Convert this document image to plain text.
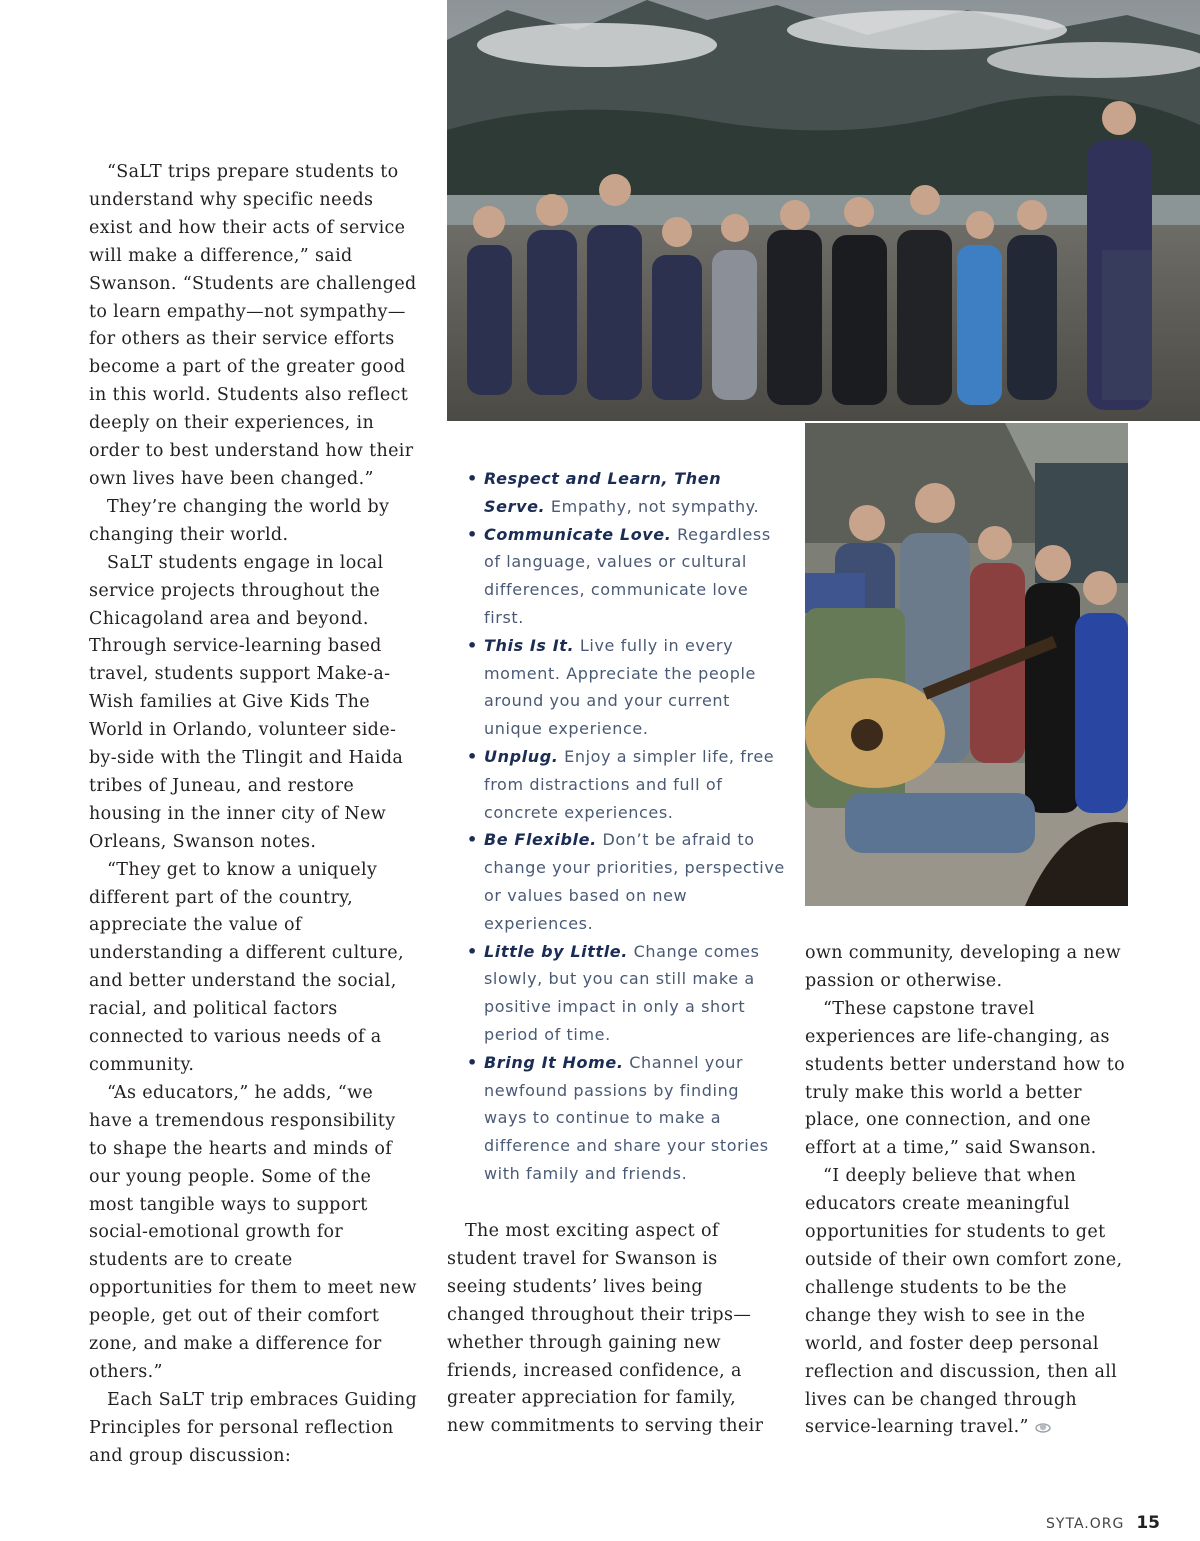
“SaLT trips prepare students to understand why specific needs exist and how their acts of service will make a difference,” said Swanson. “Students are challenged to learn empathy—not sympathy—for others as their service efforts become a part of the greater good in this world. Students also reflect deeply on their experiences, in order to best understand how their own lives have been changed.”

They’re changing the world by changing their world.

SaLT students engage in local service projects throughout the Chicagoland area and beyond. Through service-learning based travel, students support Make-a-Wish families at Give Kids The World in Orlando, volunteer side-by-side with the Tlingit and Haida tribes of Juneau, and restore housing in the inner city of New Orleans, Swanson notes.

“They get to know a uniquely different part of the country, appreciate the value of understanding a different culture, and better understand the social, racial, and political factors connected to various needs of a community.

“As educators,” he adds, “we have a tremendous responsibility to shape the hearts and minds of our young people. Some of the most tangible ways to support social-emotional growth for students are to create opportunities for them to meet new people, get out of their comfort zone, and make a difference for others.”

Each SaLT trip embraces Guiding Principles for personal reflection and group discussion:

• Respect and Learn, Then Serve. Empathy, not sympathy.
• Communicate Love. Regardless of language, values or cultural differences, communicate love first.
• This Is It. Live fully in every moment. Appreciate the people around you and your current unique experience.
• Unplug. Enjoy a simpler life, free from distractions and full of concrete experiences.
• Be Flexible. Don’t be afraid to change your priorities, perspective or values based on new experiences.
• Little by Little. Change comes slowly, but you can still make a positive impact in only a short period of time.
• Bring It Home. Channel your newfound passions by finding ways to continue to make a difference and share your stories with family and friends.

The most exciting aspect of student travel for Swanson is seeing students’ lives being changed throughout their trips—whether through gaining new friends, increased confidence, a greater appreciation for family, new commitments to serving their

own community, developing a new passion or otherwise.

“These capstone travel experiences are life-changing, as students better understand how to truly make this world a better place, one connection, and one effort at a time,” said Swanson.

“I deeply believe that when educators create meaningful opportunities for students to get outside of their own comfort zone, challenge students to be the change they wish to see in the world, and foster deep personal reflection and discussion, then all lives can be changed through service-learning travel.”

SYTA.ORG 15
